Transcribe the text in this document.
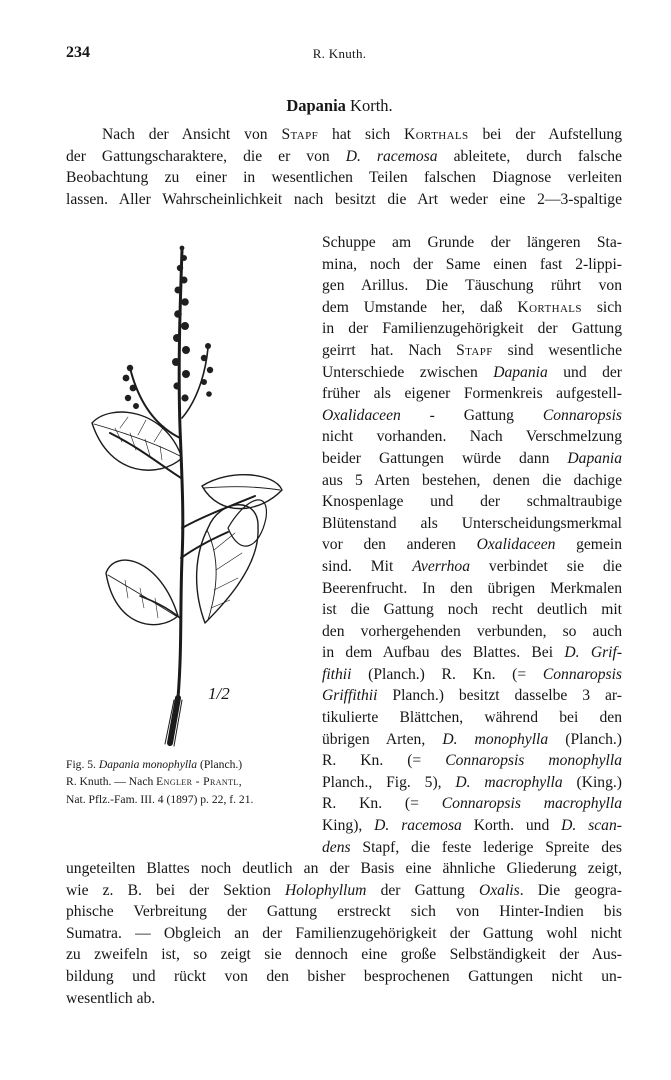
234	R. Knuth.
Dapania Korth.
Nach der Ansicht von Stapf hat sich Korthals bei der Aufstellung
der Gattungscharaktere, die er von D. racemosa ableitete, durch falsche
Beobachtung zu einer in wesentlichen Teilen falschen Diagnose verleiten
lassen. Aller Wahrscheinlichkeit nach besitzt die Art weder eine 2—3-spaltige
1/2
Schuppe am Grunde der längeren Sta-
mina, noch der Same einen fast 2-lippi-
gen Arillus. Die Täuschung rührt von
dem Umstande her, daß Korthals sich
in der Familienzugehörigkeit der Gattung
geirrt hat. Nach Stapf sind wesentliche
Unterschiede zwischen Dapania und der
früher als eigener Formenkreis aufgestell-
Oxalidaceen - Gattung Connaropsis
nicht vorhanden. Nach Verschmelzung
beider Gattungen würde dann Dapania
aus 5 Arten bestehen, denen die dachige
Knospenlage und der schmaltraubige
Blütenstand als Unterscheidungsmerkmal
vor den anderen Oxalidaceen gemein
sind. Mit Averrhoa verbindet sie die
Beerenfrucht. In den übrigen Merkmalen
ist die Gattung noch recht deutlich mit
den vorhergehenden verbunden, so auch
in dem Aufbau des Blattes. Bei D. Grif-
fithii (Planch.) R. Kn. (= Connaropsis
Griffithii Planch.) besitzt dasselbe 3 ar-
tikulierte Blättchen, während bei den
übrigen Arten, D. monophylla (Planch.)
R. Kn. (= Connaropsis monophylla
Planch., Fig. 5), D. macrophylla (King.)
R. Kn. (= Connaropsis macrophylla
King), D. racemosa Korth. und D. scan-
dens Stapf, die feste lederige Spreite des
Fig. 5. Dapania monophylla (Planch.)
R. Knuth. — Nach Engler - Prantl,
Nat. Pflz.-Fam. III. 4 (1897) p. 22, f. 21.
ungeteilten Blattes noch deutlich an der Basis eine ähnliche Gliederung zeigt,
wie z. B. bei der Sektion Holophyllum der Gattung Oxalis. Die geogra-
phische Verbreitung der Gattung erstreckt sich von Hinter-Indien bis
Sumatra. — Obgleich an der Familienzugehörigkeit der Gattung wohl nicht
zu zweifeln ist, so zeigt sie dennoch eine große Selbständigkeit der Aus-
bildung und rückt von den bisher besprochenen Gattungen nicht un-
wesentlich ab.
